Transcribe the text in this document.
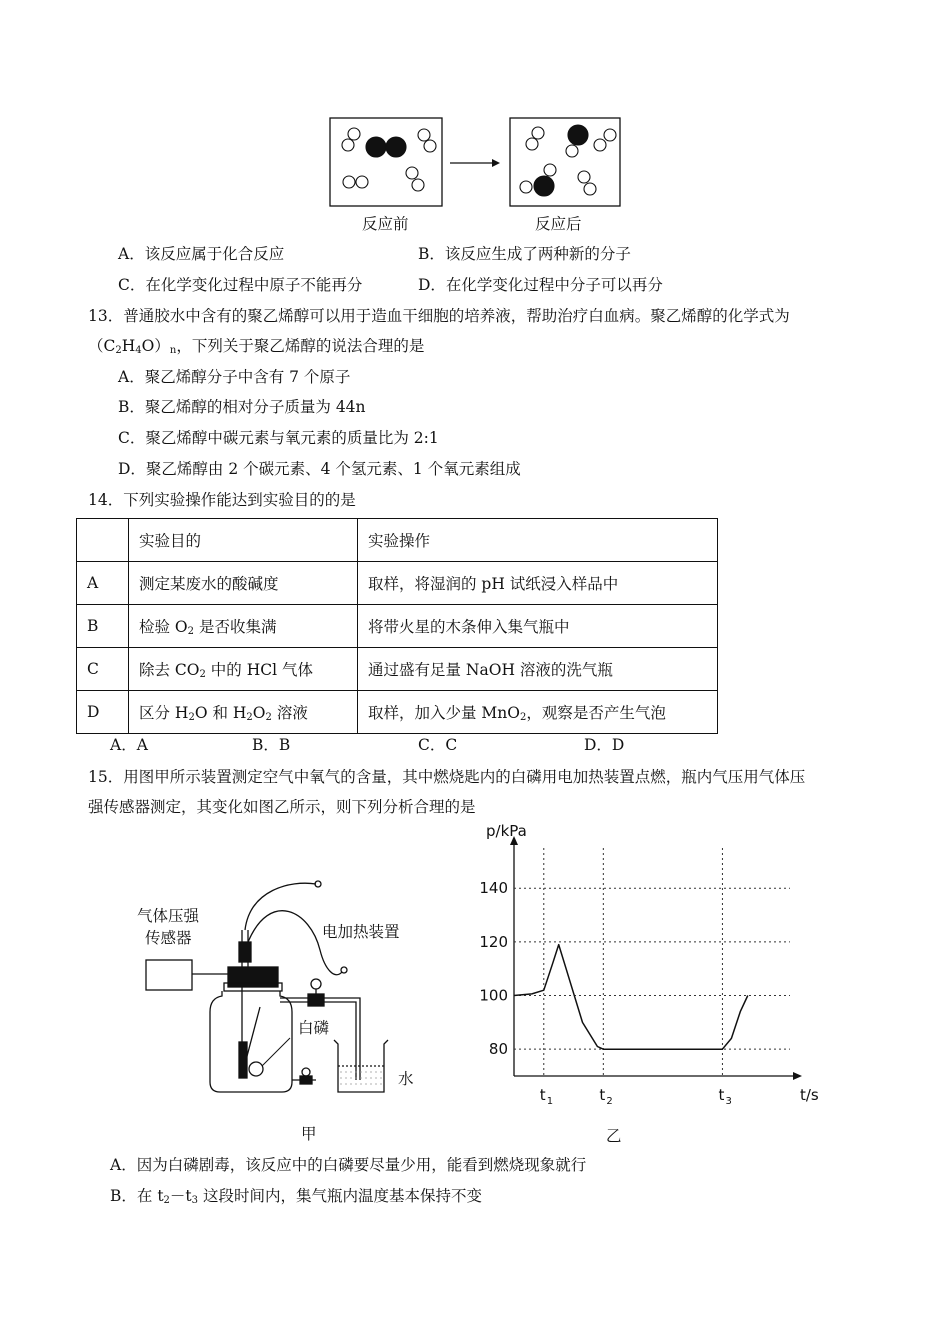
反应前	反应后
A．该反应属于化合反应	B．该反应生成了两种新的分子
C．在化学变化过程中原子不能再分	D．在化学变化过程中分子可以再分
13．普通胶水中含有的聚乙烯醇可以用于造血干细胞的培养液，帮助治疗白血病。聚乙烯醇的化学式为
$(C_2H_4O)_n$，下列关于聚乙烯醇的说法合理的是
A．聚乙烯醇分子中含有 7 个原子
B．聚乙烯醇的相对分子质量为 44n
C．聚乙烯醇中碳元素与氧元素的质量比为 2:1
D．聚乙烯醇由 2 个碳元素、4 个氢元素、1 个氧元素组成
14．下列实验操作能达到实验目的的是
	实验目的	实验操作
A	测定某废水的酸碱度	取样，将湿润的 pH 试纸浸入样品中
B	检验 $O_2$ 是否收集满	将带火星的木条伸入集气瓶中
C	除去 $CO_2$ 中的 HCl 气体	通过盛有足量 NaOH 溶液的洗气瓶
D	区分 $H_2O$ 和 $H_2O_2$ 溶液	取样，加入少量 MnO$_2$，观察是否产生气泡
A．A	B．B	C．C	D．D
15．用图甲所示装置测定空气中氧气的含量，其中燃烧匙内的白磷用电加热装置点燃，瓶内气压用气体压
强传感器测定，其变化如图乙所示，则下列分析合理的是
气体压强
传感器	电加热装置
白磷
水
甲
80
100
120
140
t 1	t 2	t 3
p/kPa
t/s
乙
A．因为白磷剧毒，该反应中的白磷要尽量少用，能看到燃烧现象就行
B．在 $t_2-t_3$ 这段时间内，集气瓶内温度基本保持不变
